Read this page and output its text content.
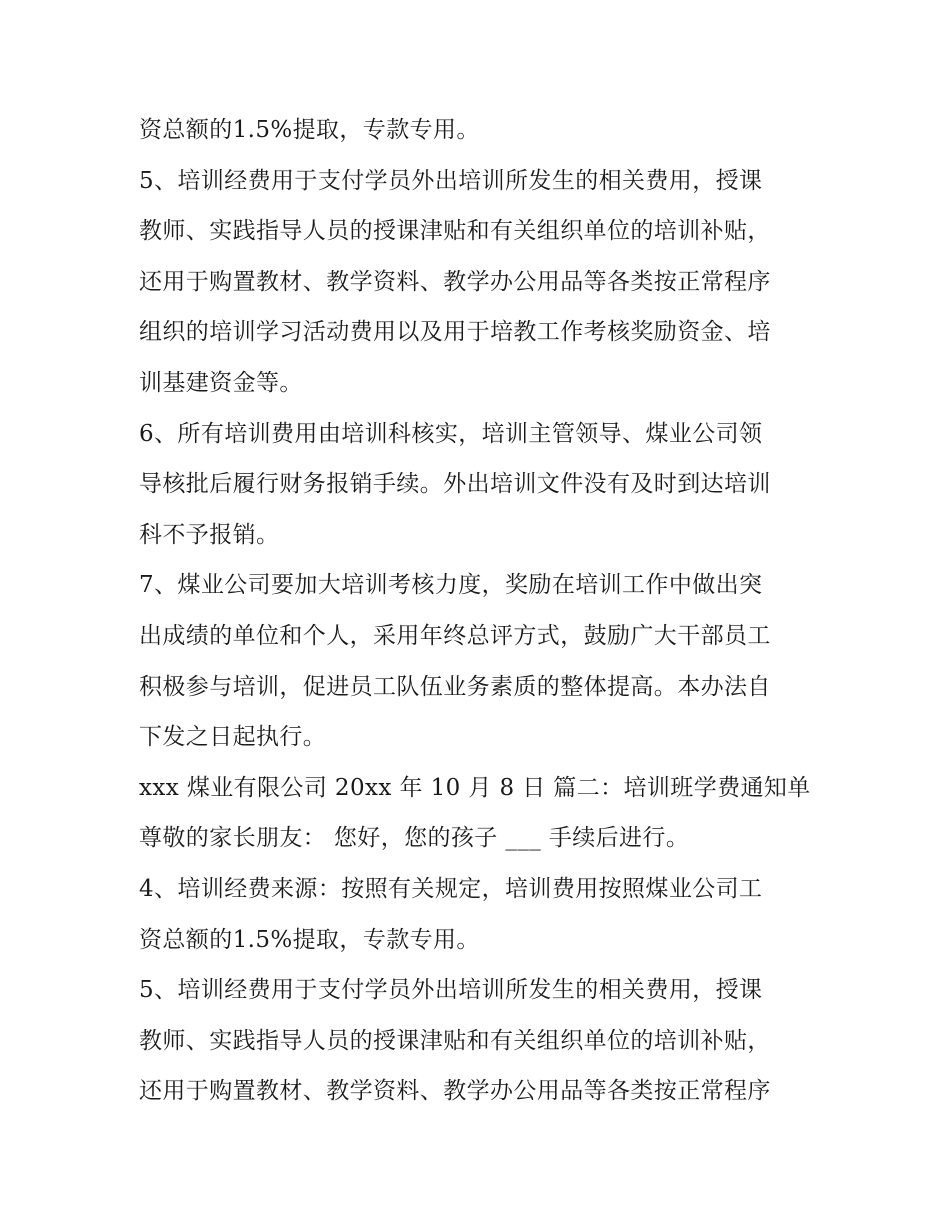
资总额的1.5%提取，专款专用。
5、培训经费用于支付学员外出培训所发生的相关费用，授课
教师、实践指导人员的授课津贴和有关组织单位的培训补贴，
还用于购置教材、教学资料、教学办公用品等各类按正常程序
组织的培训学习活动费用以及用于培教工作考核奖励资金、培
训基建资金等。
6、所有培训费用由培训科核实，培训主管领导、煤业公司领
导核批后履行财务报销手续。外出培训文件没有及时到达培训
科不予报销。
7、煤业公司要加大培训考核力度，奖励在培训工作中做出突
出成绩的单位和个人，采用年终总评方式，鼓励广大干部员工
积极参与培训，促进员工队伍业务素质的整体提高。本办法自
下发之日起执行。
xxx 煤业有限公司 20xx 年 10 月 8 日 篇二：培训班学费通知单
尊敬的家长朋友： 您好，您的孩子 ___ 手续后进行。
4、培训经费来源：按照有关规定，培训费用按照煤业公司工
资总额的1.5%提取，专款专用。
5、培训经费用于支付学员外出培训所发生的相关费用，授课
教师、实践指导人员的授课津贴和有关组织单位的培训补贴，
还用于购置教材、教学资料、教学办公用品等各类按正常程序
